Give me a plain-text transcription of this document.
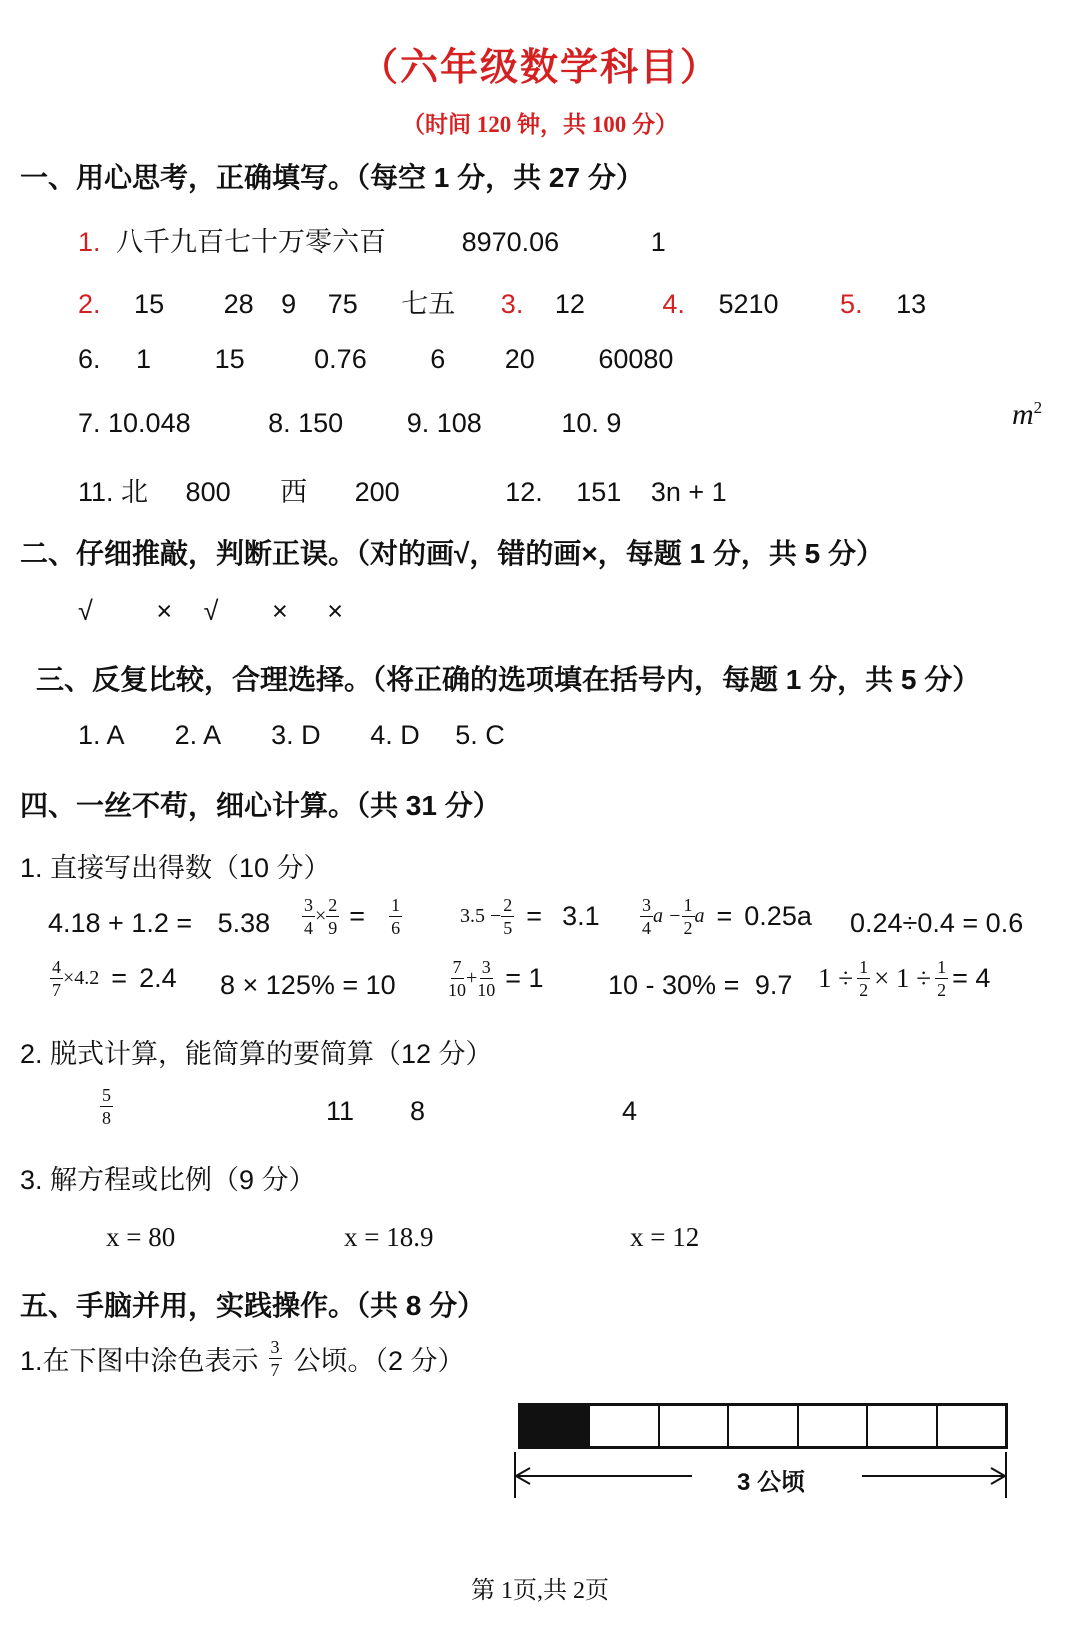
（六年级数学科目）
（时间 120 钟，共 100 分）
一、用心思考，正确填写。（每空 1 分，共 27 分）
1. 八千九百七十万零六百	8970.06	1
2. 15 28 9 75 七五 3. 12	4. 5210 5. 13
6. 1 15	0.76 6 20 60080
7. 10.048	8. 150 9. 108	10. 9	$m^2$
11. 北 800 西 200	12. 151 3n + 1
二、仔细推敲，判断正误。（对的画√，错的画×，每题 1 分，共 5 分）
√ × √ × ×
三、反复比较，合理选择。（将正确的选项填在括号内，每题 1 分，共 5 分）
1. A 2. A 3. D 4. D 5. C
四、一丝不苟，细心计算。（共 31 分）
1. 直接写出得数（10 分）
$4.18 + 1.2 = 5.38 \frac{3}{4} \times \frac{2}{9} = \frac{1}{6}$	$3.5 - \frac{2}{5} = 3.1 \frac{3}{4}$ $a - \frac{1}{2}$ a = 0.25a 0.24÷0.4 = 0.6
$\frac{4}{7} \times 4.2 = 2.4$ 8 × 125% = 10	$\frac{7}{10} + \frac{3}{10} = 1$ 10 - 30% = 9.7 $1 \div \frac{1}{2} \times 1 \div \frac{1}{2} = 4$
2. 脱式计算，能简算的要简算（12 分）
$\frac{5}{8}$	11 8	4
3. 解方程或比例（9 分）
x = 80	x = 18.9	x = 12
五、手脑并用，实践操作。（共 8 分）
1.在下图中涂色表示 $\frac{3}{7}$ 公顷。（2 分）
3 公顷
第 1页,共 2页
